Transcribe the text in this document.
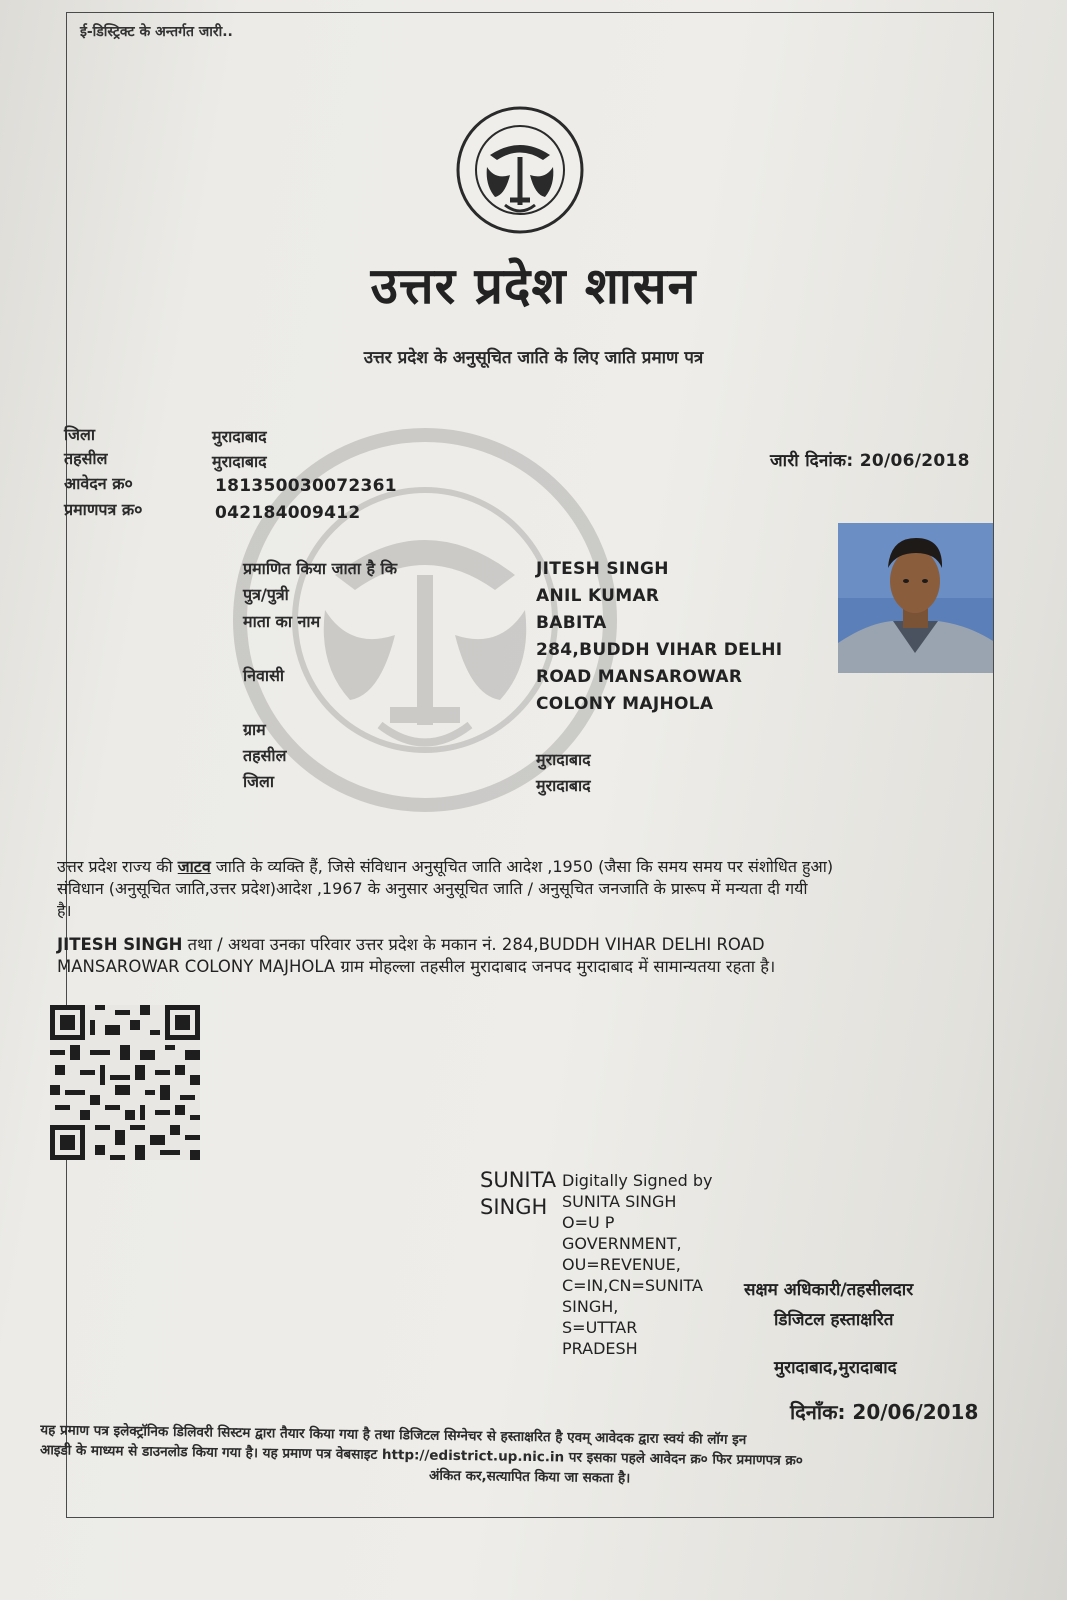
ई-डिस्ट्रिक्ट के अन्तर्गत जारी..
उत्तर प्रदेश शासन
उत्तर प्रदेश के अनुसूचित जाति के लिए जाति प्रमाण पत्र
जिला	मुरादाबाद
तहसील	मुरादाबाद
आवेदन क्र०	181350030072361
प्रमाणपत्र क्र०	042184009412
जारी दिनांक: 20/06/2018
प्रमाणित किया जाता है कि	JITESH SINGH
पुत्र/पुत्री	ANIL KUMAR
माता का नाम	BABITA
284,BUDDH VIHAR DELHI
निवासी	ROAD MANSAROWAR
COLONY MAJHOLA
ग्राम
तहसील	मुरादाबाद
जिला	मुरादाबाद
उत्तर प्रदेश राज्य की जाटव जाति के व्यक्ति हैं, जिसे संविधान अनुसूचित जाति आदेश ,1950 (जैसा कि समय समय पर संशोधित हुआ)
संविधान (अनुसूचित जाति,उत्तर प्रदेश)आदेश ,1967 के अनुसार अनुसूचित जाति / अनुसूचित जनजाति के प्रारूप में मन्यता दी गयी
है।
JITESH SINGH तथा / अथवा उनका परिवार उत्तर प्रदेश के मकान नं. 284,BUDDH VIHAR DELHI ROAD
MANSAROWAR COLONY MAJHOLA ग्राम मोहल्ला तहसील मुरादाबाद जनपद मुरादाबाद में सामान्यतया रहता है।
SUNITA
SINGH
Digitally Signed by
SUNITA SINGH
O=U P
GOVERNMENT,
OU=REVENUE,
C=IN,CN=SUNITA
SINGH,
S=UTTAR
PRADESH
सक्षम अधिकारी/तहसीलदार
डिजिटल हस्ताक्षरित
मुरादाबाद,मुरादाबाद
दिनाँक: 20/06/2018
यह प्रमाण पत्र इलेक्ट्रॉनिक डिलिवरी सिस्टम द्वारा तैयार किया गया है तथा डिजिटल सिग्नेचर से हस्ताक्षरित है एवम् आवेदक द्वारा स्वयं की लॉग इन
आइडी के माध्यम से डाउनलोड किया गया है। यह प्रमाण पत्र वेबसाइट http://edistrict.up.nic.in पर इसका पहले आवेदन क्र० फिर प्रमाणपत्र क्र०
अंकित कर,सत्यापित किया जा सकता है।
